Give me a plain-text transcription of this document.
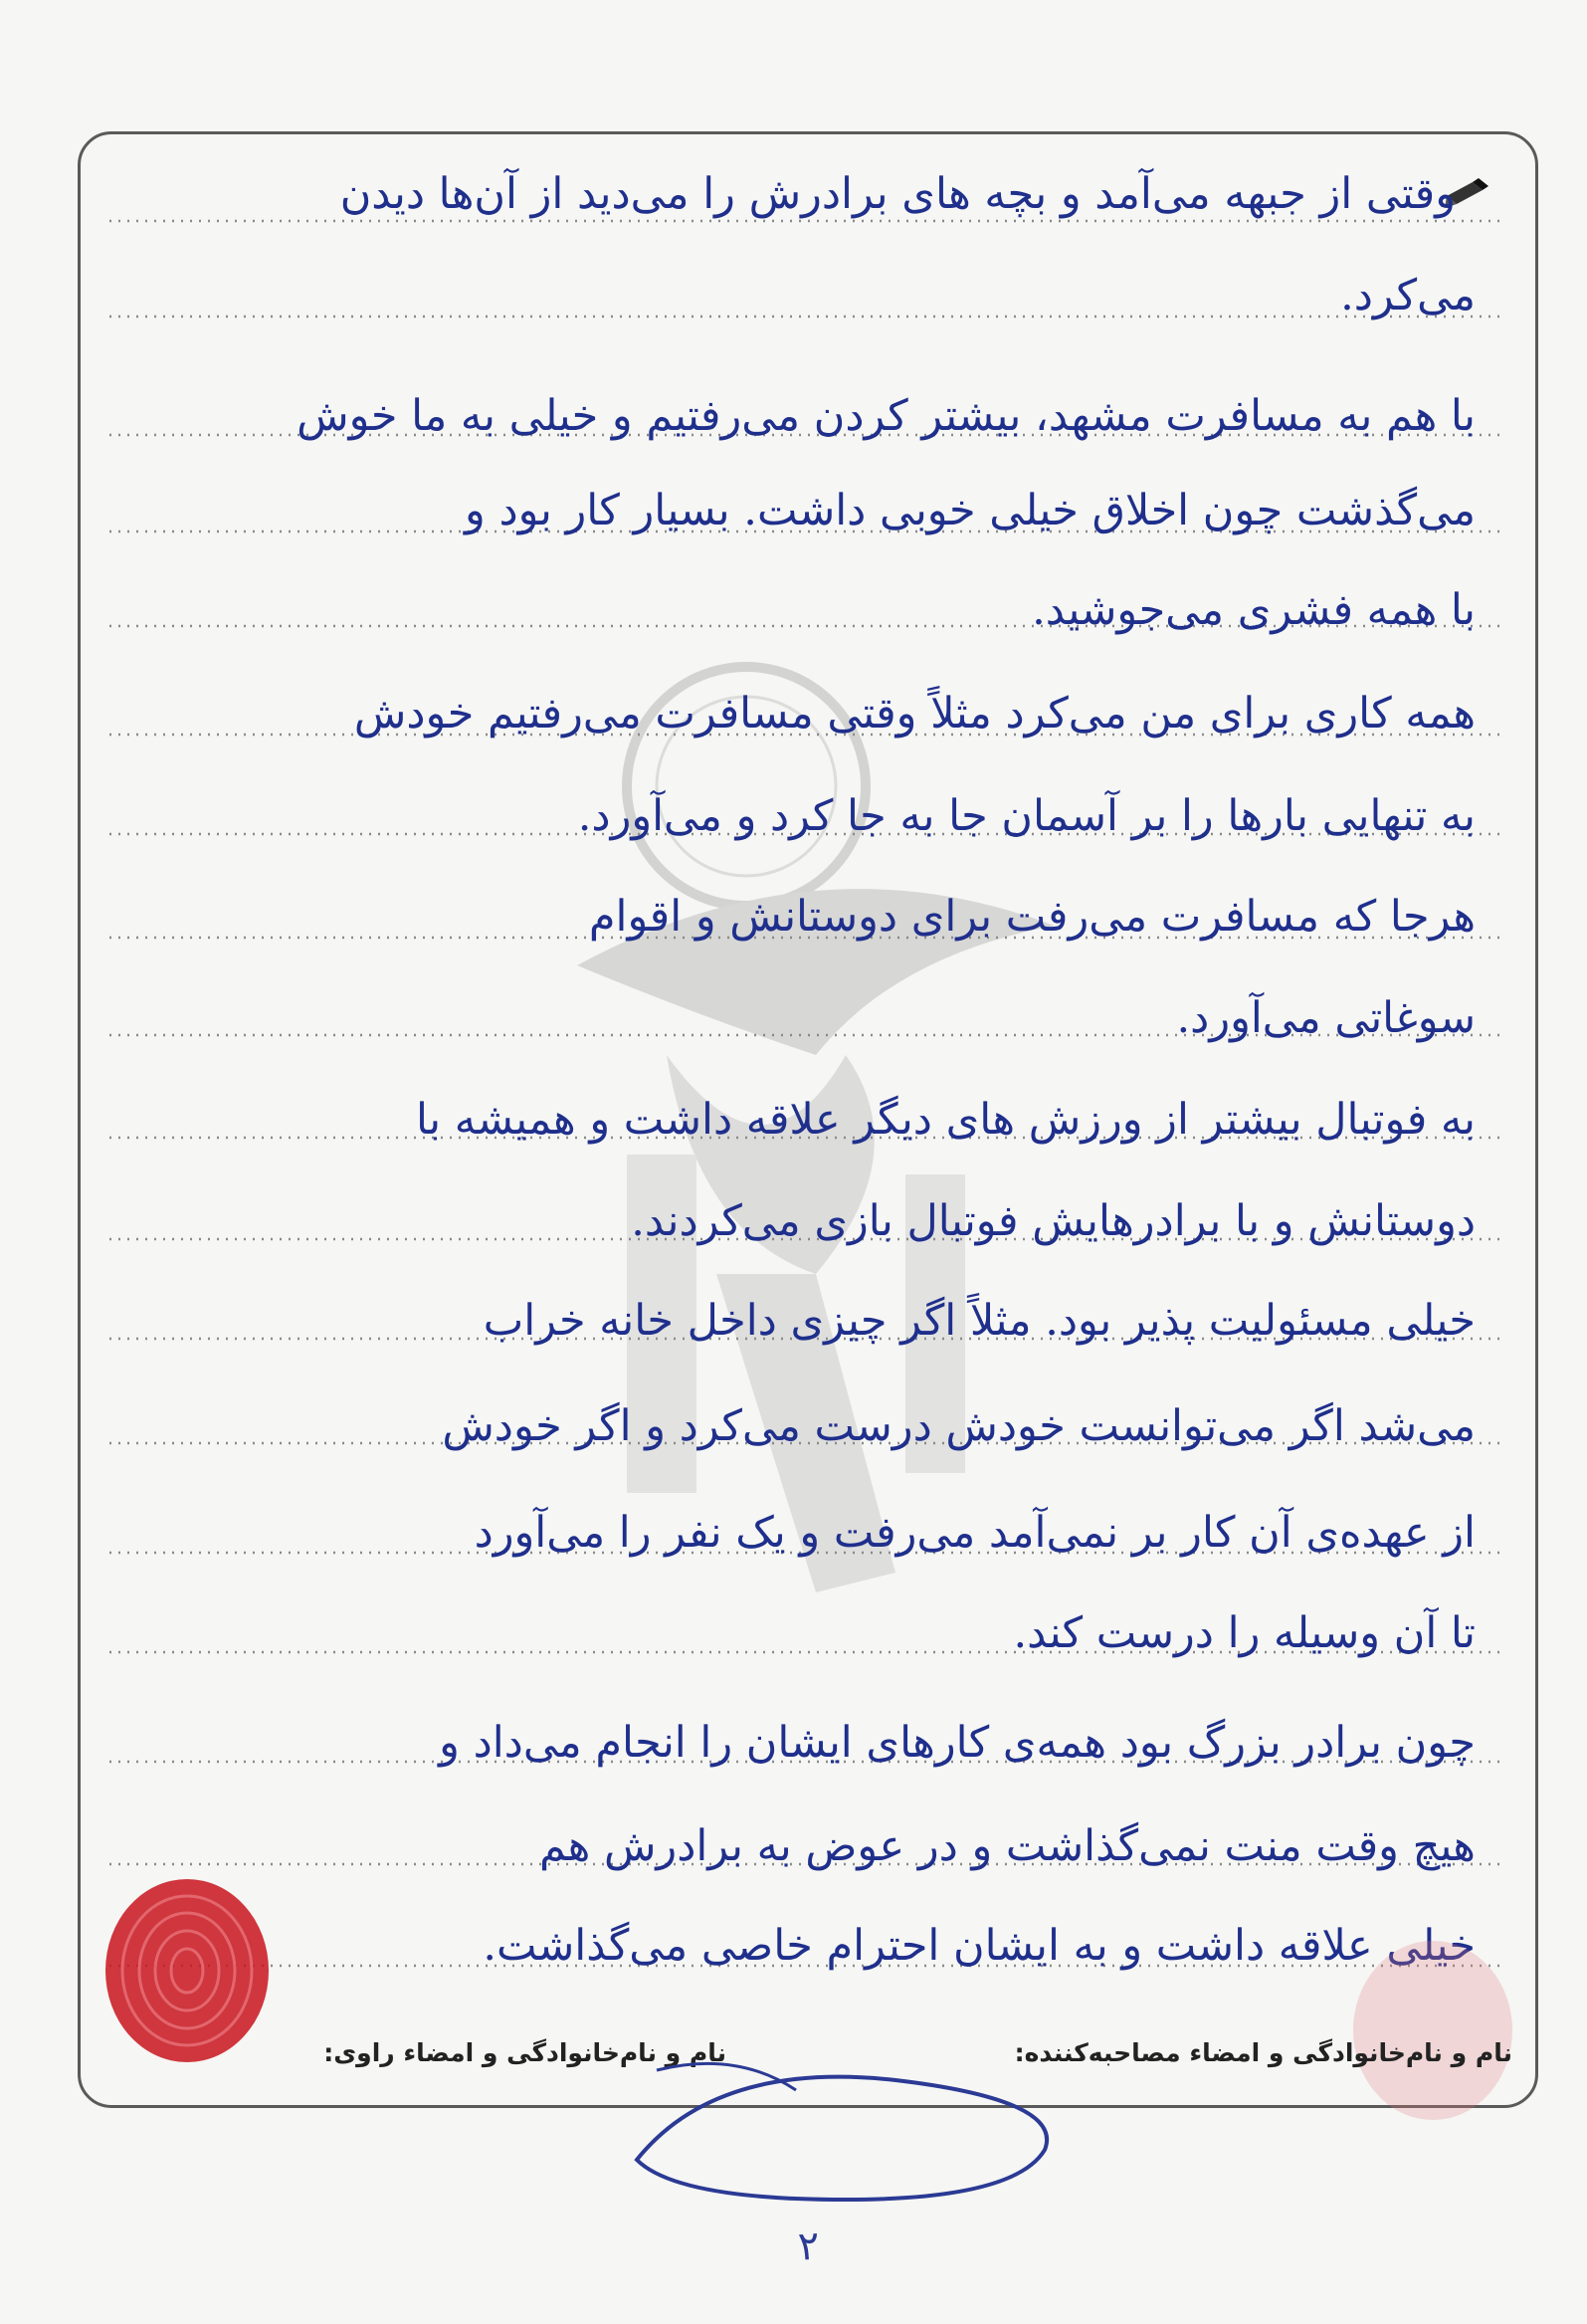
وقتی از جبهه می‌آمد و بچه های برادرش را می‌دید از آن‌ها دیدن
می‌کرد.
با هم به مسافرت مشهد، بیشتر کردن می‌رفتیم و خیلی به ما خوش
می‌گذشت چون اخلاق خیلی خوبی داشت. بسیار کار بود و
با همه فشری می‌جوشید.
همه کاری برای من می‌کرد مثلاً وقتی مسافرت می‌رفتیم خودش
به تنهایی بارها را بر آسمان جا به جا کرد و می‌آورد.
هرجا که مسافرت می‌رفت برای دوستانش و اقوام
سوغاتی می‌آورد.
به فوتبال بیشتر از ورزش های دیگر علاقه داشت و همیشه با
دوستانش و با برادرهایش فوتبال بازی می‌کردند.
خیلی مسئولیت پذیر بود. مثلاً اگر چیزی داخل خانه خراب
می‌شد اگر می‌توانست خودش درست می‌کرد و اگر خودش
از عهده‌ی آن کار بر نمی‌آمد می‌رفت و یک نفر را می‌آورد
تا آن وسیله را درست کند.
چون برادر بزرگ بود همه‌ی کارهای ایشان را انجام می‌داد و
هیچ وقت منت نمی‌گذاشت و در عوض به برادرش هم
خیلی علاقه داشت و به ایشان احترام خاصی می‌گذاشت.
نام و نام‌خانوادگی و امضاء مصاحبه‌کننده:
نام و نام‌خانوادگی و امضاء راوی:
۲
